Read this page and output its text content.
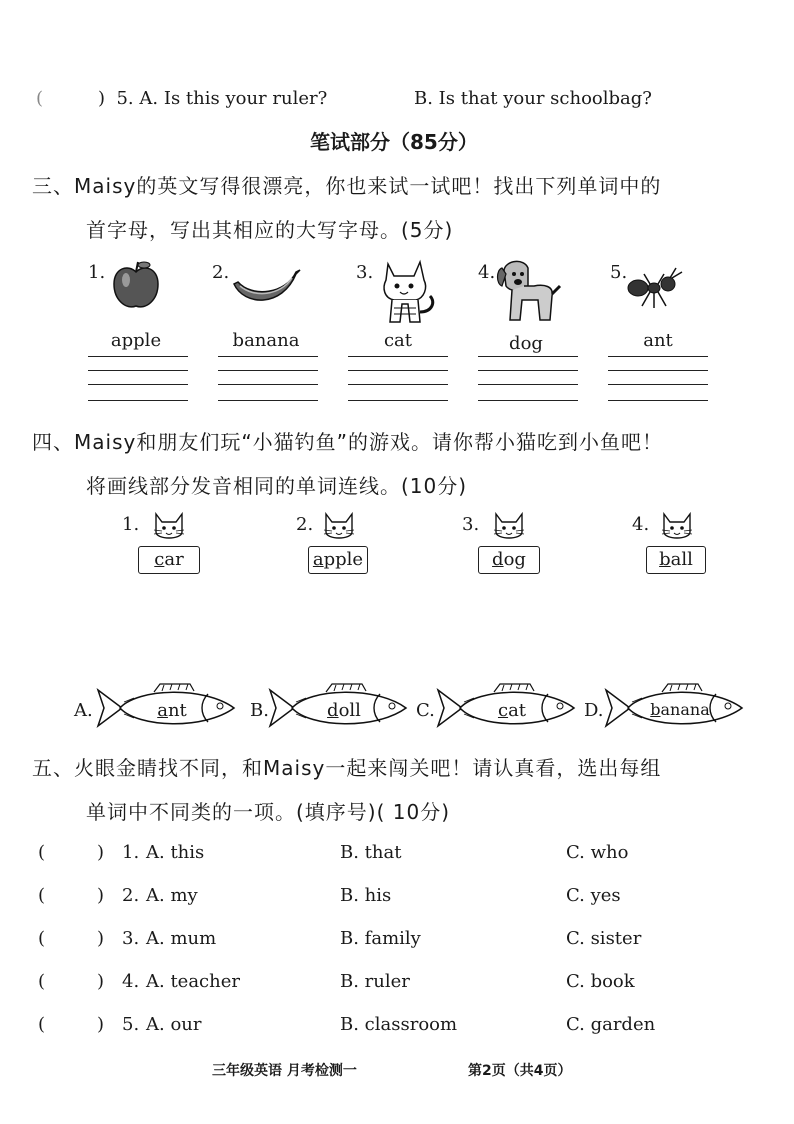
(	) 5. A. Is this your ruler?	B. Is that your schoolbag?
笔试部分（85分）
三、Maisy的英文写得很漂亮，你也来试一试吧！找出下列单词中的
首字母，写出其相应的大写字母。(5分)
1.
apple
2.
banana
3.
cat
4.
dog
5.
ant
四、Maisy和朋友们玩“小猫钓鱼”的游戏。请你帮小猫吃到小鱼吧！
将画线部分发音相同的单词连线。(10分)
1.
car
2.
apple
3.
dog
4.
ball
A.	ant	B.	doll	C.	cat	D.	banana
五、火眼金睛找不同，和Maisy一起来闯关吧！请认真看，选出每组
单词中不同类的一项。(填序号)( 10分)
(	) 1. A. this	B. that	C. who
(	) 2. A. my	B. his	C. yes
(	) 3. A. mum	B. family	C. sister
(	) 4. A. teacher	B. ruler	C. book
(	) 5. A. our	B. classroom	C. garden
三年级英语 月考检测一	第2页（共4页）
